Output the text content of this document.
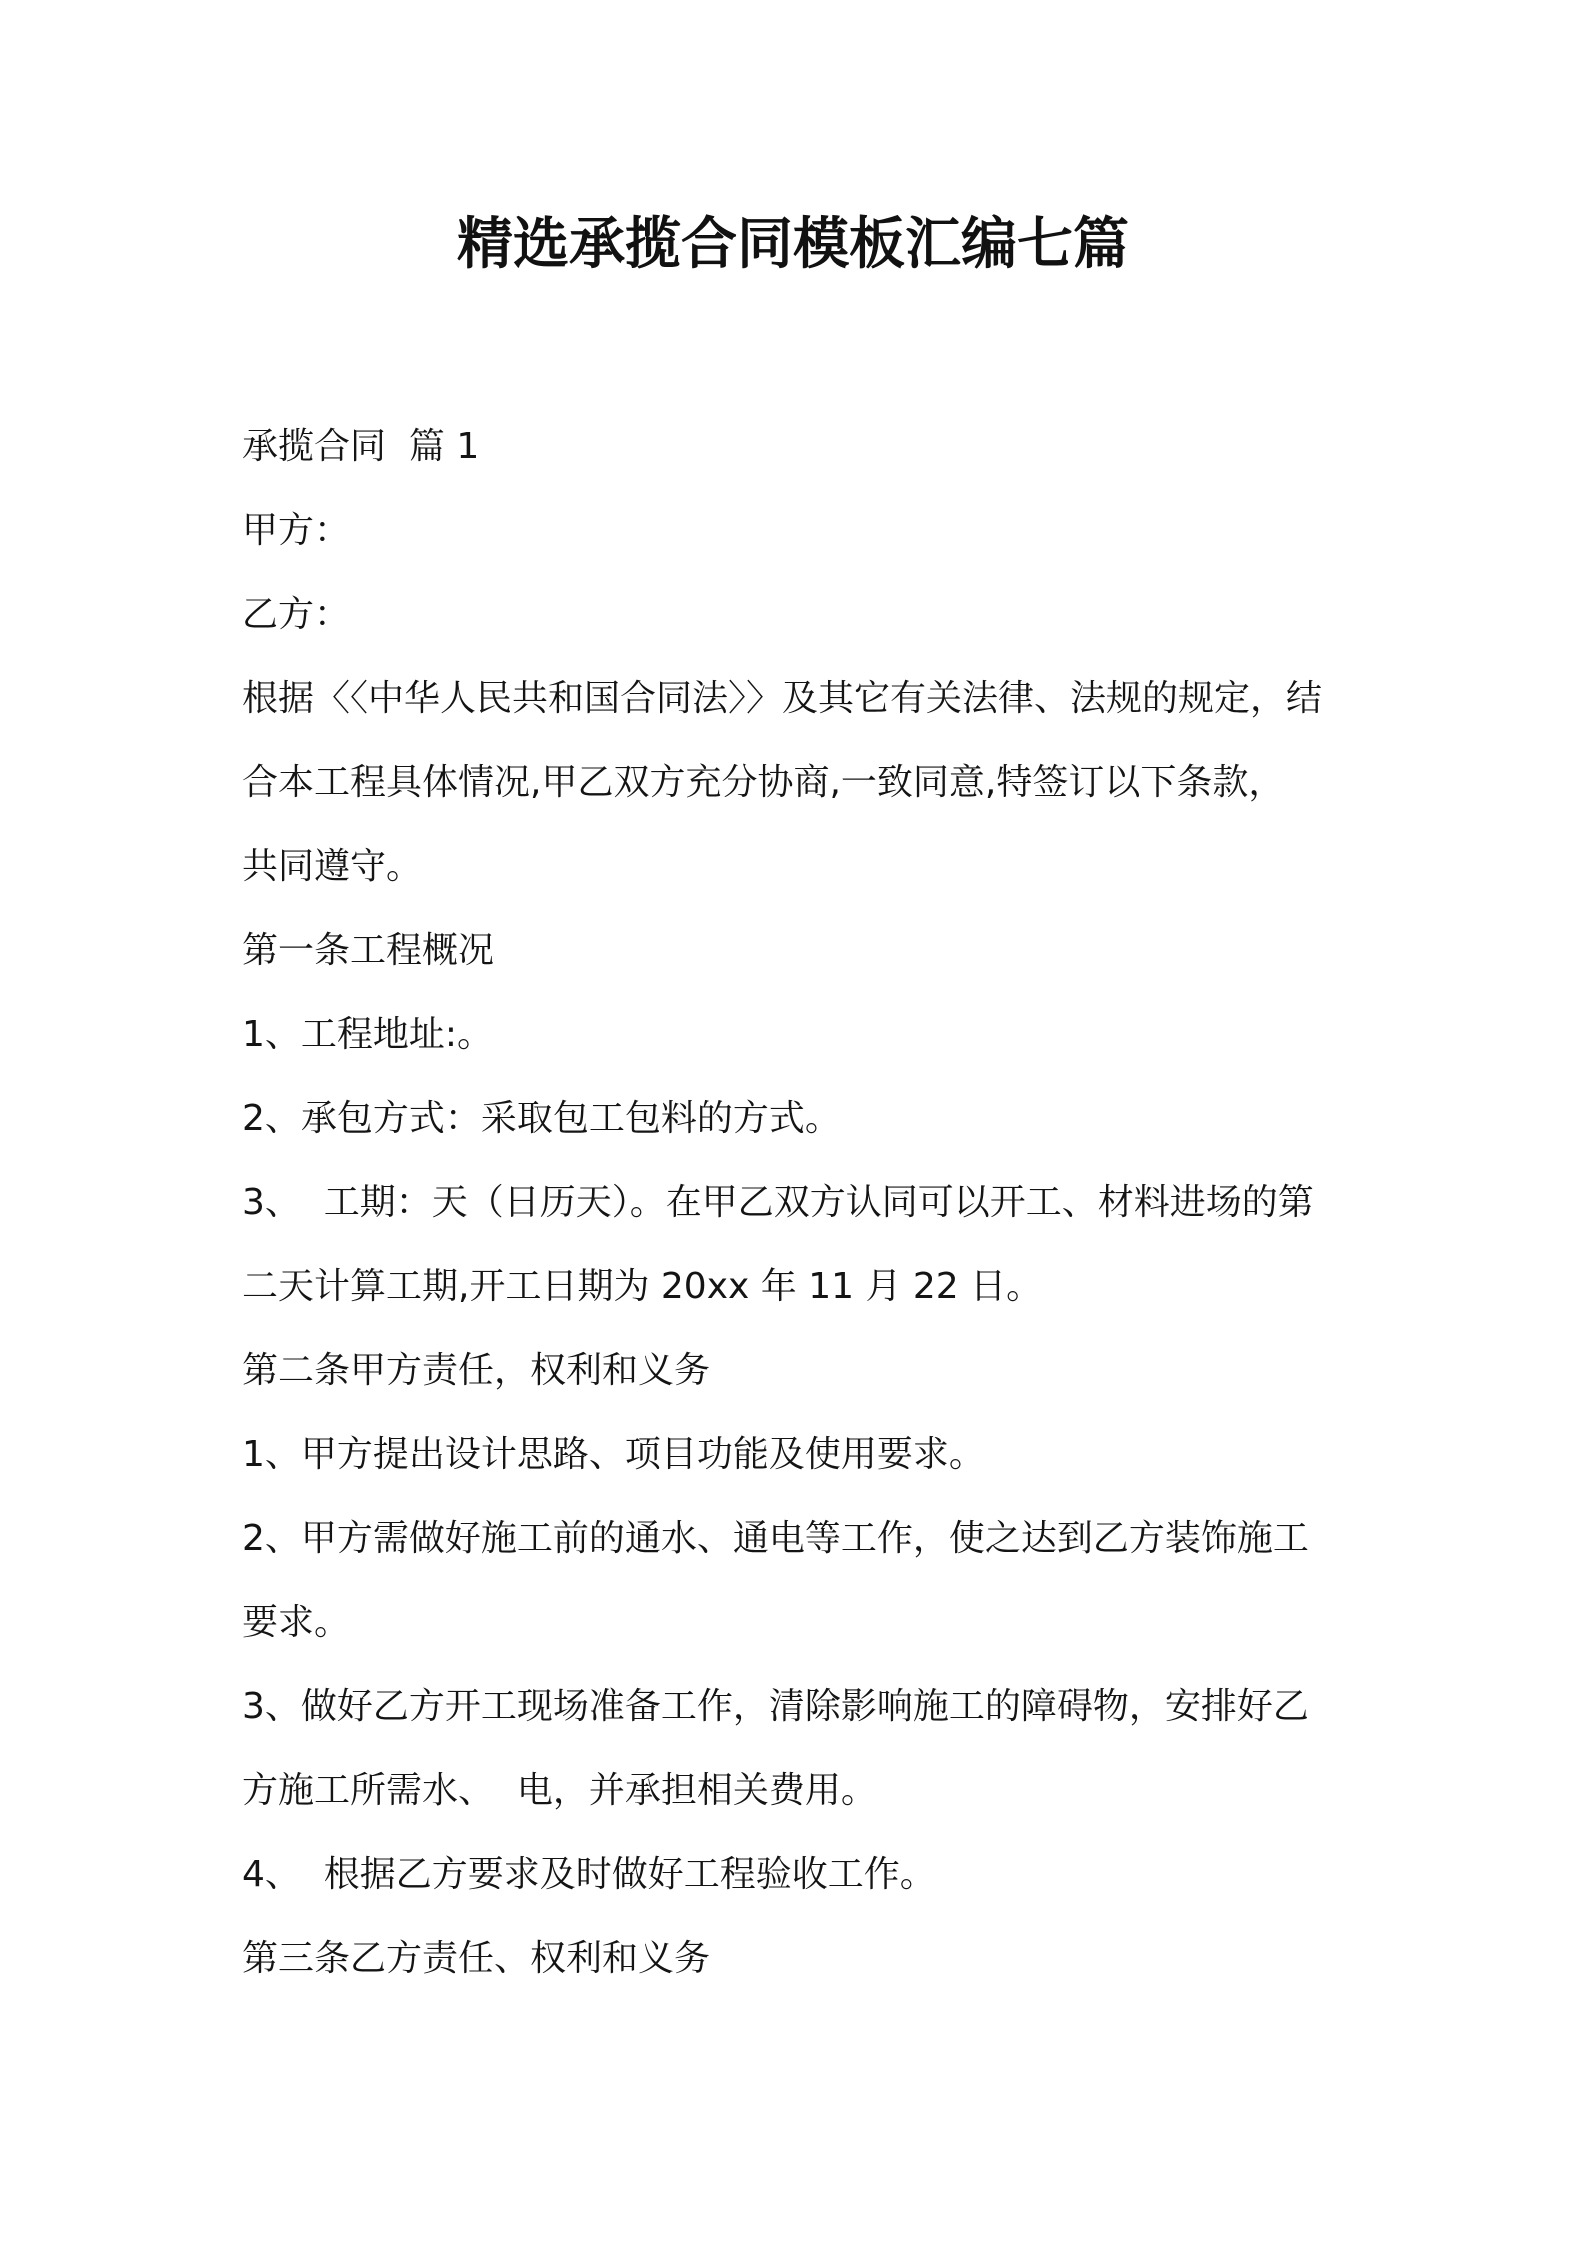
精选承揽合同模板汇编七篇

承揽合同  篇 1

甲方：

乙方：

根据〈〈中华人民共和国合同法〉〉及其它有关法律、法规的规定，结

合本工程具体情况,甲乙双方充分协商,一致同意,特签订以下条款，

共同遵守。

第一条工程概况

1、工程地址:。

2、承包方式：采取包工包料的方式。

3、  工期：天（日历天）。在甲乙双方认同可以开工、材料进场的第

二天计算工期,开工日期为 20xx 年 11 月 22 日。

第二条甲方责任，权利和义务

1、甲方提出设计思路、项目功能及使用要求。

2、甲方需做好施工前的通水、通电等工作，使之达到乙方装饰施工

要求。

3、做好乙方开工现场准备工作，清除影响施工的障碍物，安排好乙

方施工所需水、  电，并承担相关费用。

4、  根据乙方要求及时做好工程验收工作。

第三条乙方责任、权利和义务
